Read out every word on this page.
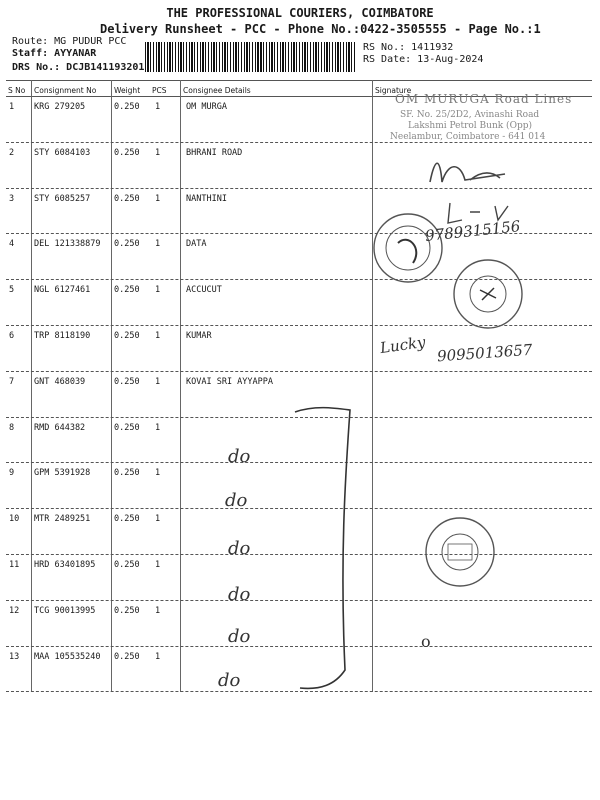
THE PROFESSIONAL COURIERS, COIMBATORE
Delivery Runsheet - PCC - Phone No.:0422-3505555 - Page No.:1
Route: MG PUDUR PCC
Staff: AYYANAR
DRS No.: DCJB141193201
RS No.: 1411932
RS Date: 13-Aug-2024
S No Consignment No Weight PCS Consignee Details	Signature
1 KRG 279205	0.250 1	OM MURGA
2 STY 6084103	0.250 1	BHRANI ROAD
3 STY 6085257	0.250 1	NANTHINI
4 DEL 121338879 0.250 1	DATA
5 NGL 6127461	0.250 1	ACCUCUT
6 TRP 8118190	0.250 1	KUMAR
7 GNT 468039	0.250 1	KOVAI SRI AYYAPPA
8 RMD 644382	0.250 1
9 GPM 5391928	0.250 1
10 MTR 2489251	0.250 1
11 HRD 63401895 0.250 1
12 TCG 90013995 0.250 1
13 MAA 105535240 0.250 1
OM MURUGA Road Lines
SF. No. 25/2D2, Avinashi Road
Lakshmi Petrol Bunk (Opp)
Neelambur, Coimbatore - 641 014
9789315156
Lucky 9095013657
do
do
do
do
do
do
o
